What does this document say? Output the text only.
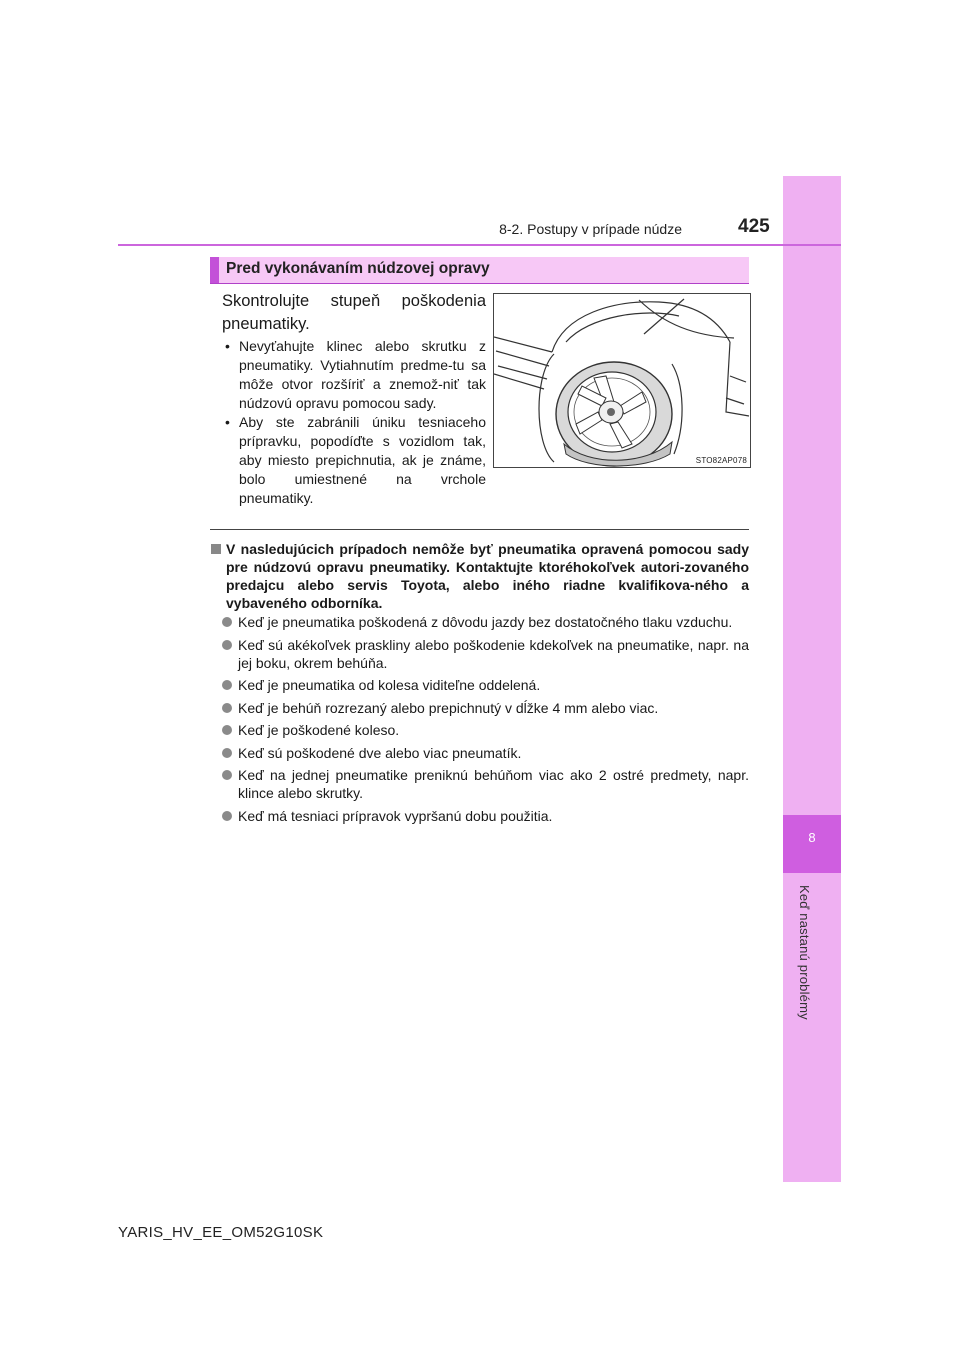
8
Keď nastanú problémy
8-2. Postupy v prípade núdze	425
Pred vykonávaním núdzovej opravy

Skontrolujte stupeň poškodenia pneumatiky.

• Nevyťahujte klinec alebo skrutku z pneumatiky. Vytiahnutím predme-tu sa môže otvor rozšíriť a znemož-niť tak núdzovú opravu pomocou sady.
• Aby ste zabránili úniku tesniaceho prípravku, popodíďte s vozidlom tak, aby miesto prepichnutia, ak je známe, bolo umiestnené na vrchole pneumatiky.
STO82AP078
V nasledujúcich prípadoch nemôže byť pneumatika opravená pomocou sady pre núdzovú opravu pneumatiky. Kontaktujte ktoréhokoľvek autori-zovaného predajcu alebo servis Toyota, alebo iného riadne kvalifikova-ného a vybaveného odborníka.
Keď je pneumatika poškodená z dôvodu jazdy bez dostatočného tlaku vzduchu.
Keď sú akékoľvek praskliny alebo poškodenie kdekoľvek na pneumatike, napr. na jej boku, okrem behúňa.
Keď je pneumatika od kolesa viditeľne oddelená.
Keď je behúň rozrezaný alebo prepichnutý v dĺžke 4 mm alebo viac.
Keď je poškodené koleso.
Keď sú poškodené dve alebo viac pneumatík.
Keď na jednej pneumatike preniknú behúňom viac ako 2 ostré predmety, napr. klince alebo skrutky.
Keď má tesniaci prípravok vypršanú dobu použitia.
YARIS_HV_EE_OM52G10SK
